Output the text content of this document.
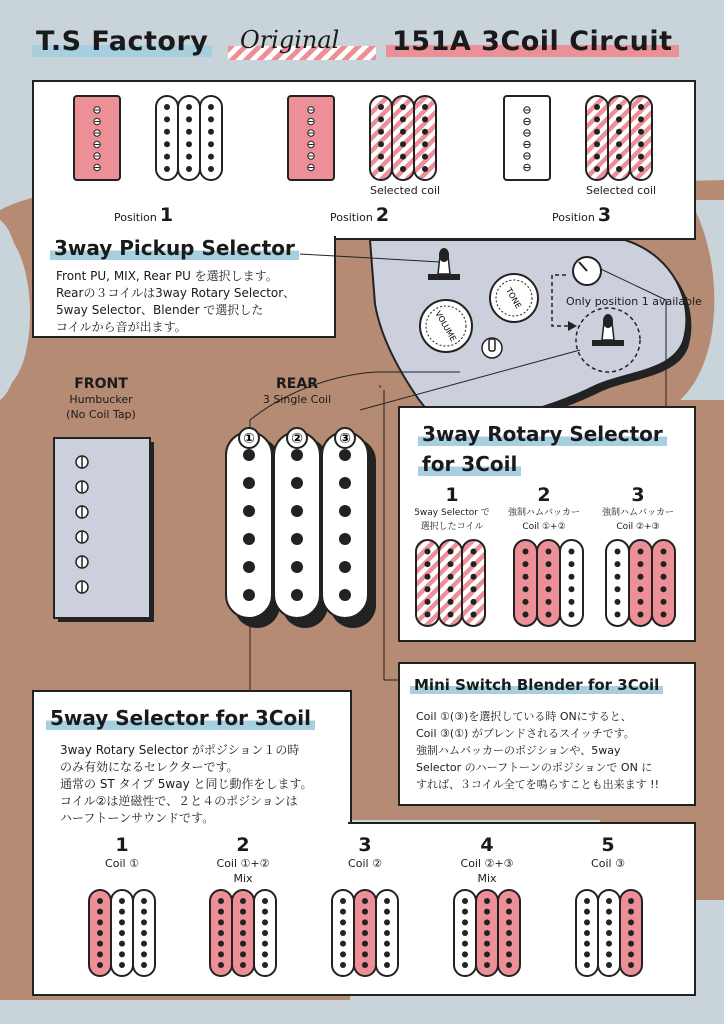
T.S Factory Original 151A 3Coil Circuit
Position 1	Position 2	Position 3
Selected coil	Selected coil
3way Pickup Selector
Front PU, MIX, Rear PU を選択します。
Rearの３コイルは3way Rotary Selector、
5way Selector、Blender で選択した
コイルから音が出ます。	VOLUME
TONE	Only position 1 available
FRONT
Humbucker
(No Coil Tap)
REAR
3 Single Coil
①	②	③	3way Rotary Selector
for 3Coil
1
5way Selector で
選択したコイル
2
強制ハムバッカー
Coil ①+②
3
強制ハムバッカー
Coil ②+③
Mini Switch Blender for 3Coil
Coil ①(③)を選択している時 ONにすると、
Coil ③(①) がブレンドされるスイッチです。
強制ハムバッカーのポジションや、5way
Selector のハーフトーンのポジションで ON に
すれば、３コイル全てを鳴らすことも出来ます !!
5way Selector for 3Coil
3way Rotary Selector がポジション１の時
のみ有効になるセレクターです。
通常の ST タイプ 5way と同じ動作をします。
コイル②は逆磁性で、２と４のポジションは
ハーフトーンサウンドです。
1
Coil ①
2
Coil ①+②
Mix
3
Coil ②
4
Coil ②+③
Mix
5
Coil ③
